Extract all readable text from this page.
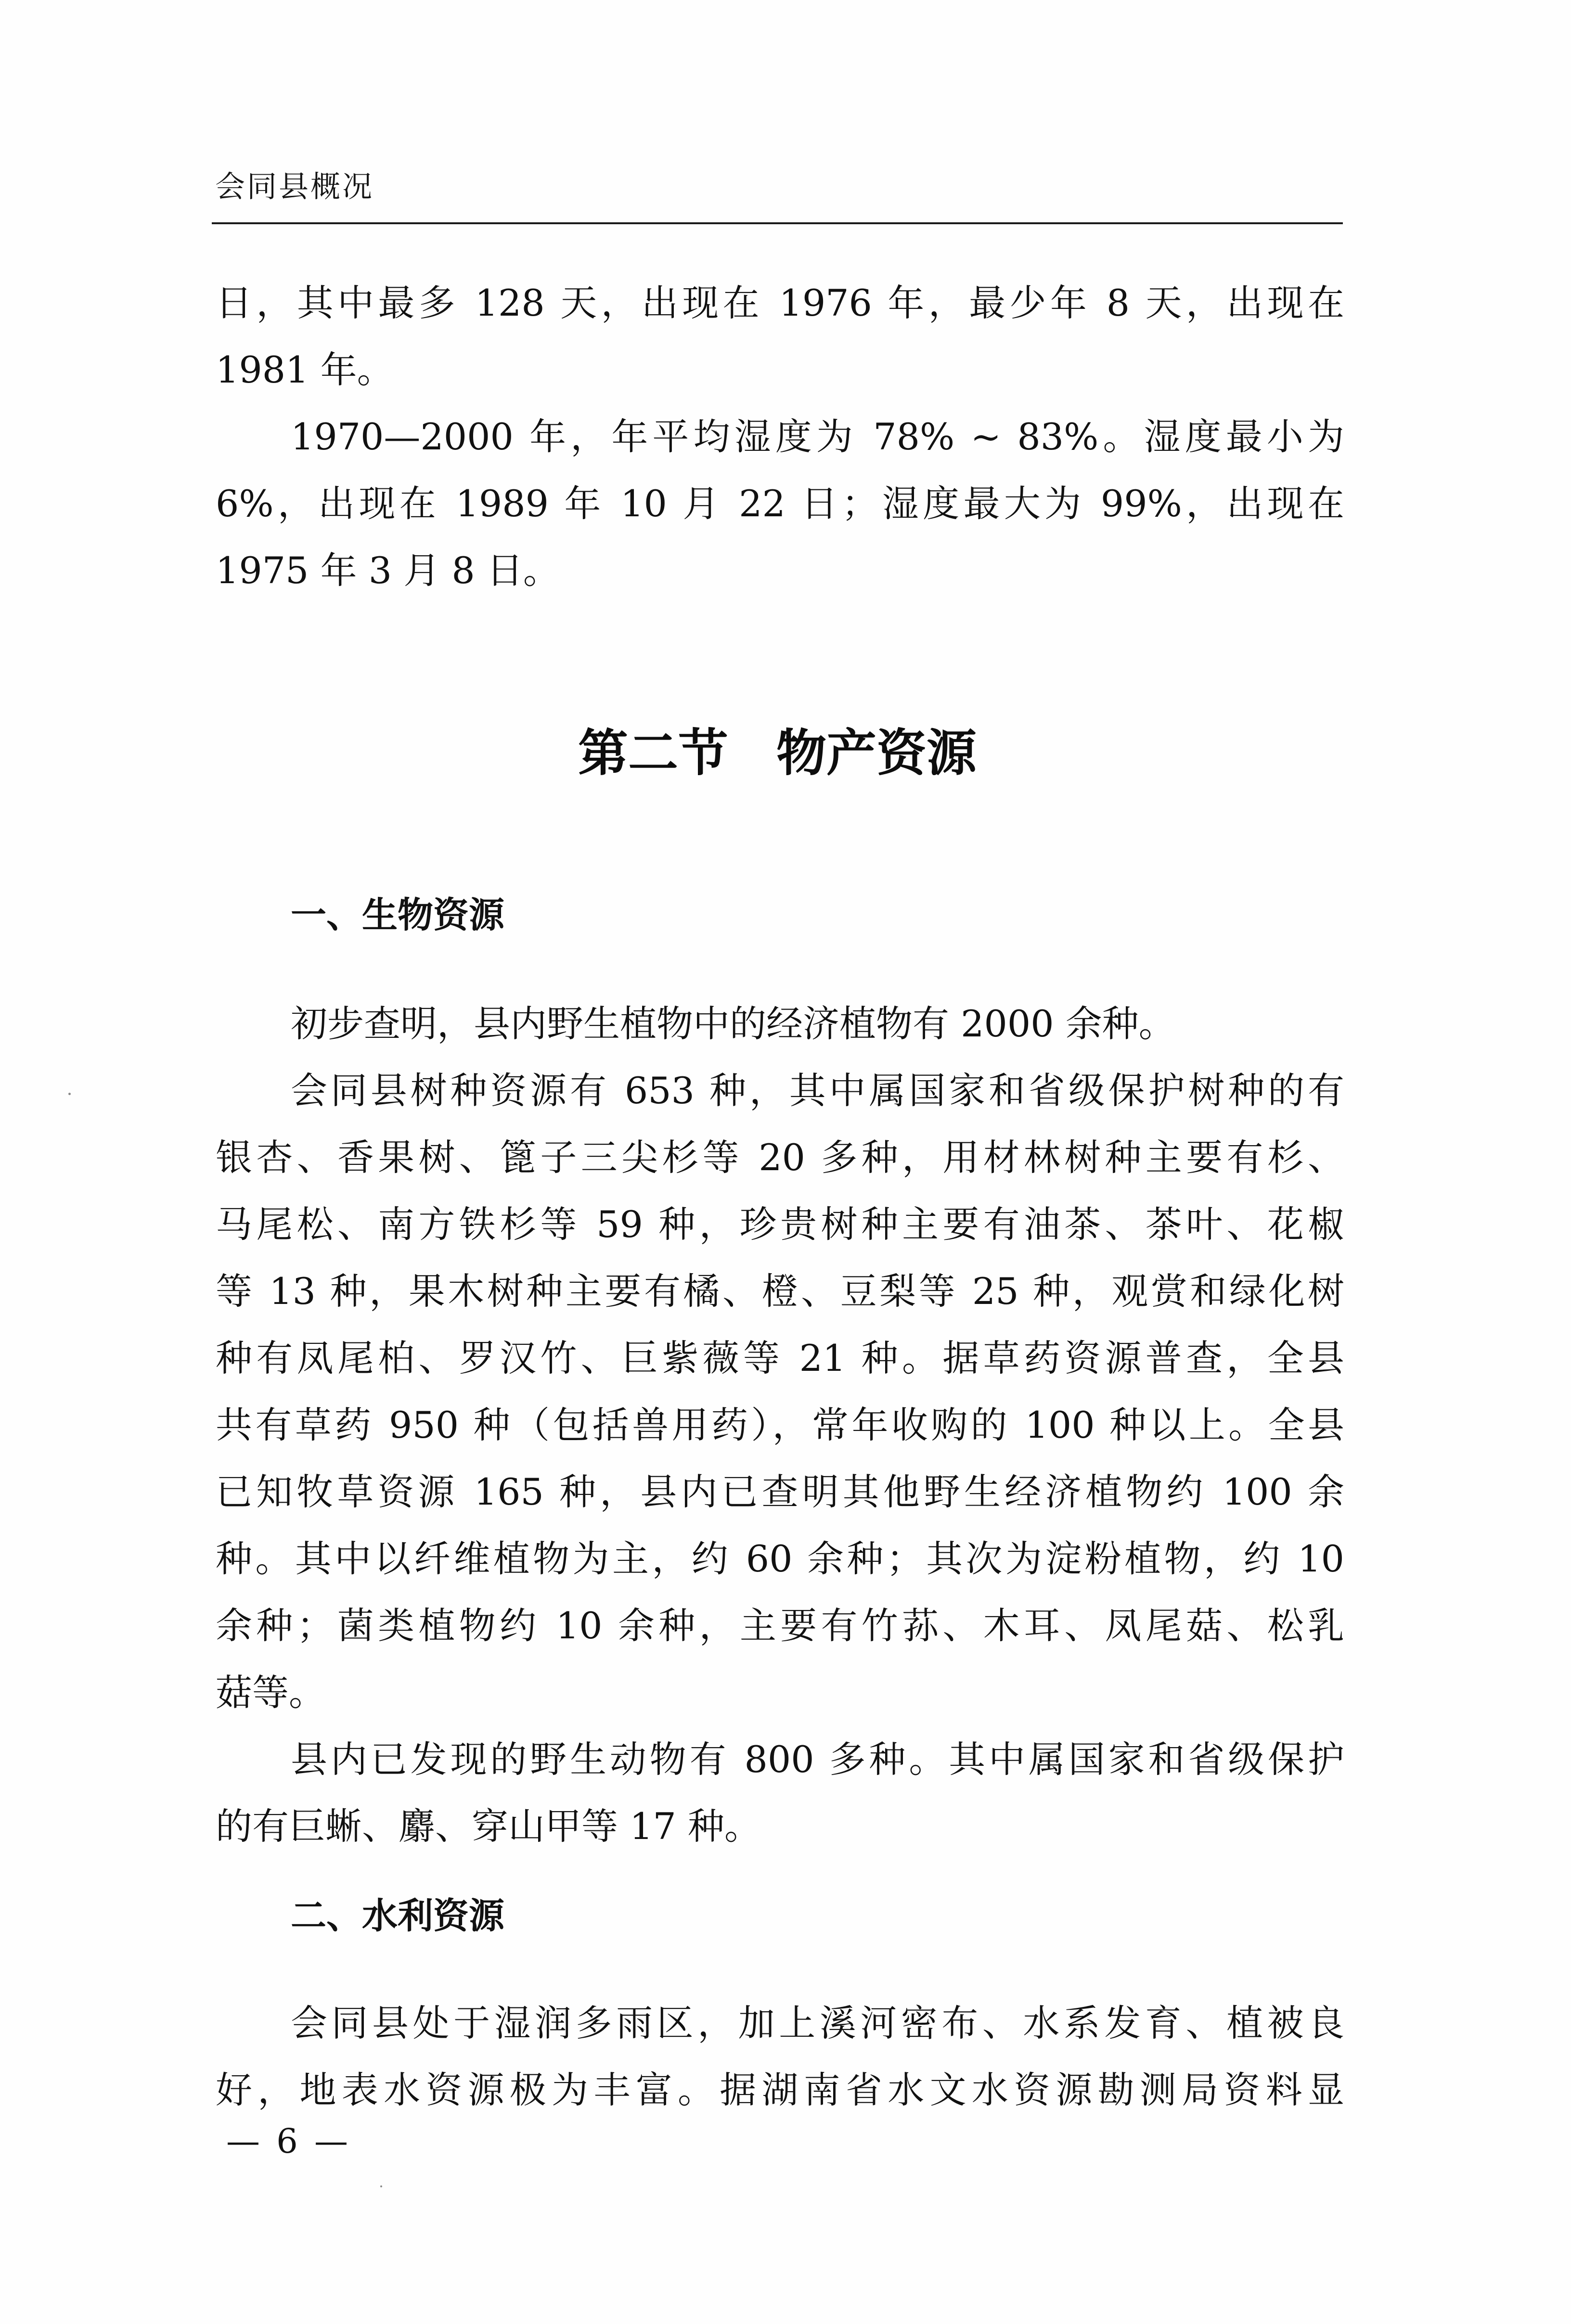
会同县概况
日，其中最多 128 天，出现在 1976 年，最少年 8 天，出现在
1981 年。
1970—2000 年，年平均湿度为 78% ~ 83%。湿度最小为
6%，出现在 1989 年 10 月 22 日；湿度最大为 99%，出现在
1975 年 3 月 8 日。
第二节 物产资源
一、生物资源
初步查明，县内野生植物中的经济植物有 2000 余种。
会同县树种资源有 653 种，其中属国家和省级保护树种的有
银杏、香果树、篦子三尖杉等 20 多种，用材林树种主要有杉、
马尾松、南方铁杉等 59 种，珍贵树种主要有油茶、茶叶、花椒
等 13 种，果木树种主要有橘、橙、豆梨等 25 种，观赏和绿化树
种有凤尾柏、罗汉竹、巨紫薇等 21 种。据草药资源普查，全县
共有草药 950 种（包括兽用药），常年收购的 100 种以上。全县
已知牧草资源 165 种，县内已查明其他野生经济植物约 100 余
种。其中以纤维植物为主，约 60 余种；其次为淀粉植物，约 10
余种；菌类植物约 10 余种，主要有竹荪、木耳、凤尾菇、松乳
菇等。
县内已发现的野生动物有 800 多种。其中属国家和省级保护
的有巨蜥、麝、穿山甲等 17 种。
二、水利资源
会同县处于湿润多雨区，加上溪河密布、水系发育、植被良
好，地表水资源极为丰富。据湖南省水文水资源勘测局资料显
— 6 —
